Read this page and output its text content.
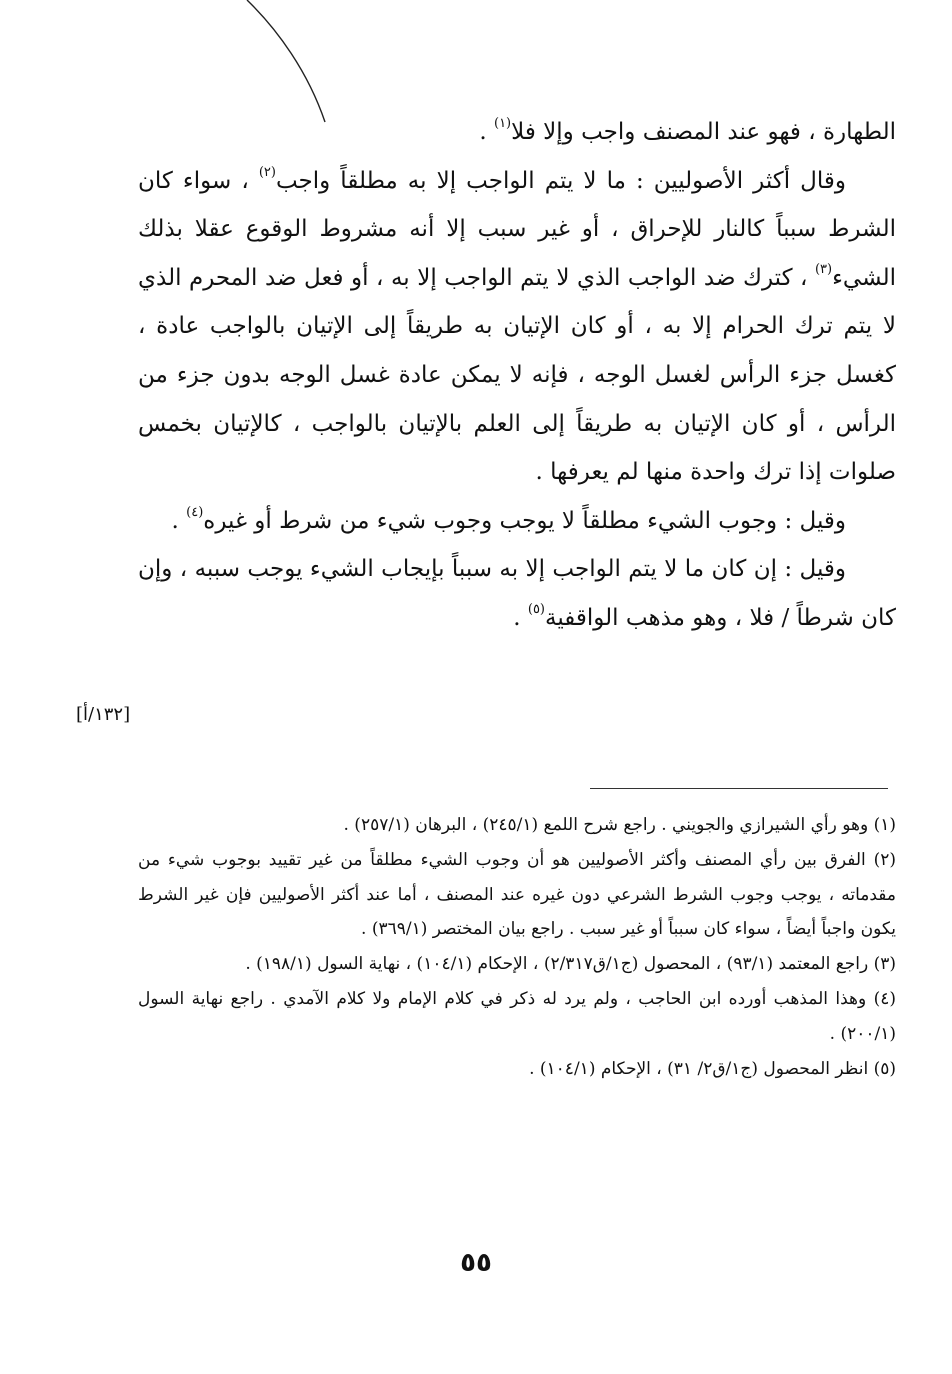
الطهارة ، فهو عند المصنف واجب وإلا فلا$^{(١)}$ .

وقال أكثر الأصوليين : ما لا يتم الواجب إلا به مطلقاً واجب$^{(٢)}$ ، سواء كان الشرط سبباً كالنار للإحراق ، أو غير سبب إلا أنه مشروط الوقوع عقلا بذلك الشيء$^{(٣)}$ ، كترك ضد الواجب الذي لا يتم الواجب إلا به ، أو فعل ضد المحرم الذي لا يتم ترك الحرام إلا به ، أو كان الإتيان به طريقاً إلى الإتيان بالواجب عادة ، كغسل جزء الرأس لغسل الوجه ، فإنه لا يمكن عادة غسل الوجه بدون جزء من الرأس ، أو كان الإتيان به طريقاً إلى العلم بالإتيان بالواجب ، كالإتيان بخمس صلوات إذا ترك واحدة منها لم يعرفها .

وقيل : وجوب الشيء مطلقاً لا يوجب وجوب شيء من شرط أو غيره$^{(٤)}$ .

وقيل : إن كان ما لا يتم الواجب إلا به سبباً بإيجاب الشيء يوجب سببه ، وإن كان شرطاً / فلا ، وهو مذهب الواقفية$^{(٥)}$ .

[١٣٢/أ]

(١) وهو رأي الشيرازي والجويني . راجع شرح اللمع (٢٤٥/١) ، البرهان (٢٥٧/١) .

(٢) الفرق بين رأي المصنف وأكثر الأصوليين هو أن وجوب الشيء مطلقاً من غير تقييد بوجوب شيء من مقدماته ، يوجب وجوب الشرط الشرعي دون غيره عند المصنف ، أما عند أكثر الأصوليين فإن غير الشرط يكون واجباً أيضاً ، سواء كان سبباً أو غير سبب . راجع بيان المختصر (٣٦٩/١) .

(٣) راجع المعتمد (٩٣/١) ، المحصول (ج١/ق٢/٣١٧) ، الإحكام (١٠٤/١) ، نهاية السول (١٩٨/١) .

(٤) وهذا المذهب أورده ابن الحاجب ، ولم يرد له ذكر في كلام الإمام ولا كلام الآمدي . راجع نهاية السول (٢٠٠/١) .

(٥) انظر المحصول (ج١/ق٢/ ٣١) ، الإحكام (١٠٤/١) .

٥٥
